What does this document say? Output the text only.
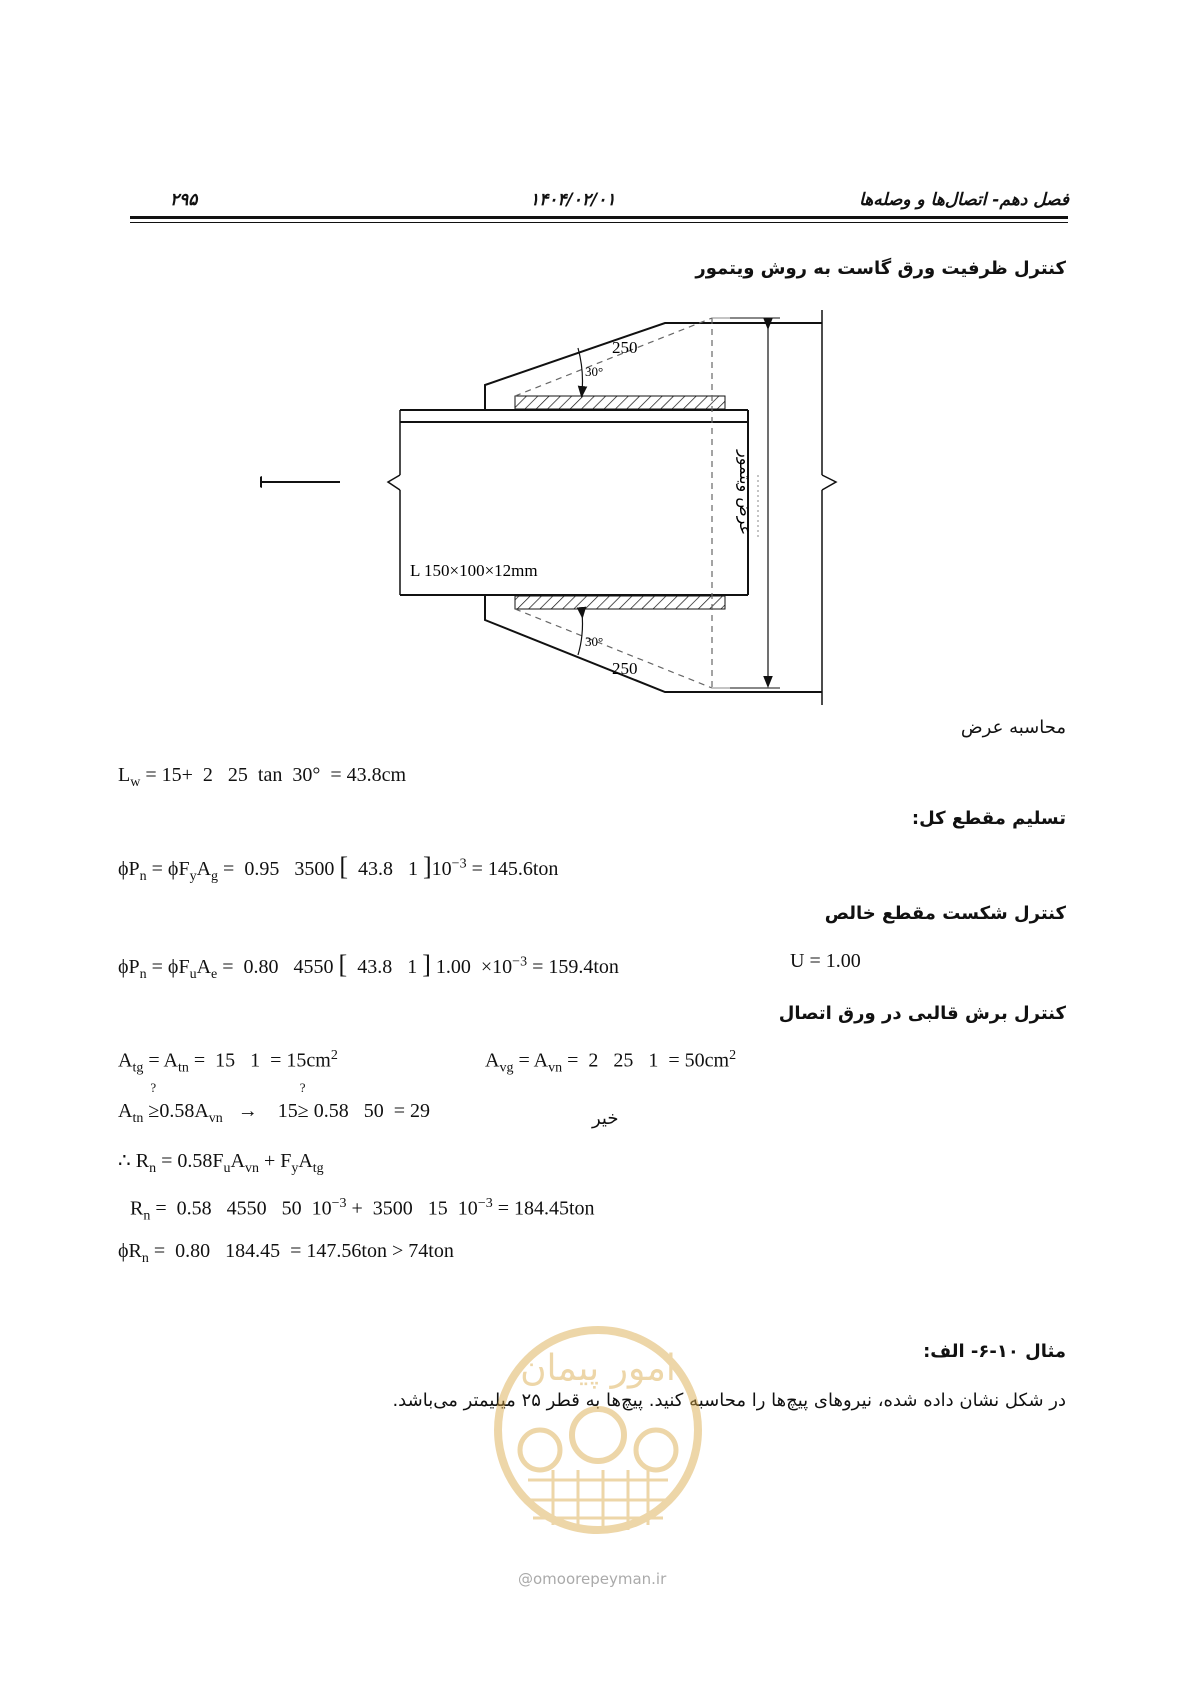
۲۹۵	۱۴۰۴/۰۲/۰۱	فصل دهم- اتصال‌ها و وصله‌ها
کنترل ظرفیت ورق گاست به روش ویتمور
30°
250
30°
250
L 150×100×12mm
عرض ویتمور
محاسبه عرض
$L_w = 15+ 2$   25  tan  30°  = 43.8cm
تسلیم مقطع کل:
$\phi P_n = \phi F_yA_g = 0.95$   3500 [  43.8   1 ]$10^{-3} = 145.6ton$
کنترل شکست مقطع خالص
$\phi P_n = \phi F_uA_e = 0.80$   4550 [  43.8   1 ] $1.00 \times 10^{-3} = 159.4ton$	U = 1.00
کنترل برش قالبی در ورق اتصال
$A_{tg} = A_{tn} = 15$   $1 = 15cm^2$	$A_{vg} = A_{vn} = 2$   25   $1 = 50cm^2$
$A_{tn}$ ≥
?
$0.58A_{vn}$   →    15≥
?
0.58   50  = 29	خیر
∴ $R_n = 0.58F_uA_{vn} + F_yA_{tg}$
$R_n = 0.58$   4550   50  $10^{-3} + 3500$   15  $10^{-3} = 184.45ton$
$\phi R_n = 0.80$   184.45  = 147.56ton > 74ton
مثال ۱۰-۶- الف:
در شکل نشان داده شده، نیروهای پیچ‌ها را محاسبه کنید. پیچ‌ها به قطر ۲۵ میلیمتر می‌باشد.
امور پیمان
@omoorepeyman.ir
